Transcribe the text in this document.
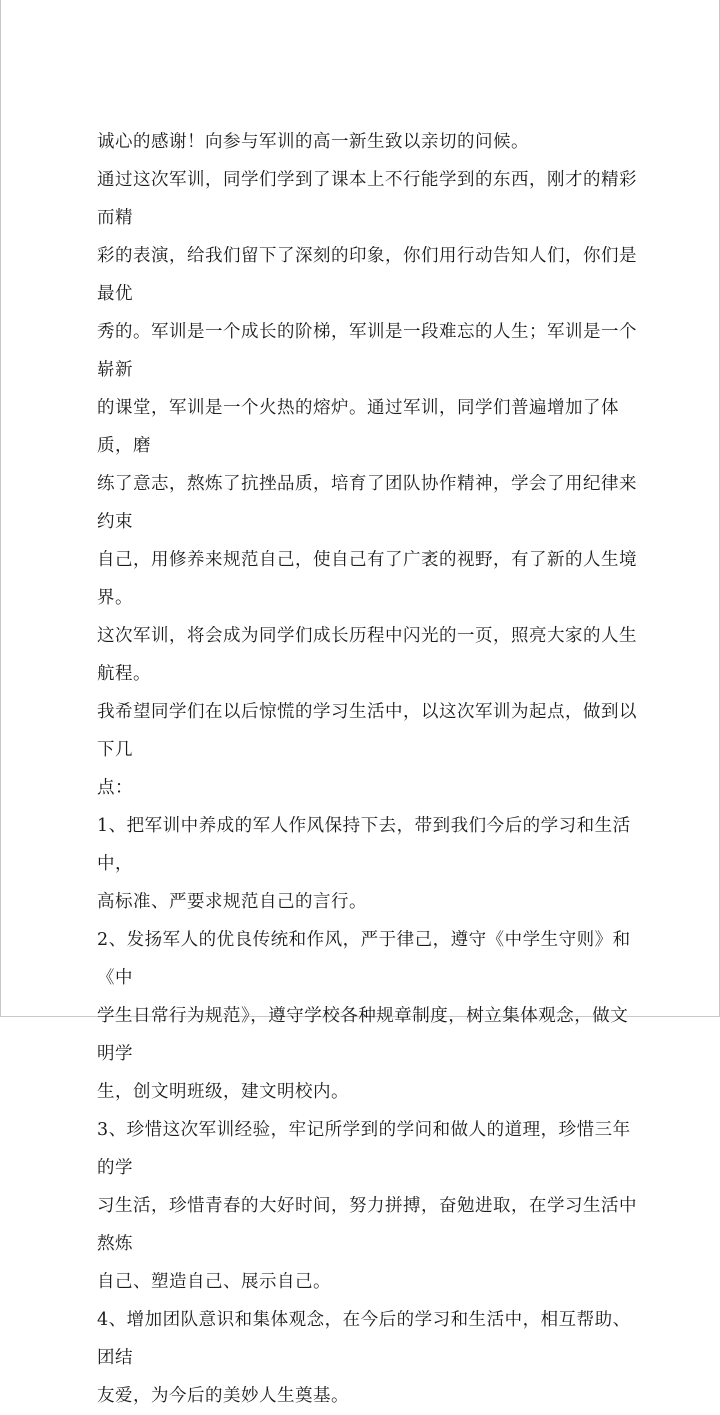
诚心的感谢！向参与军训的高一新生致以亲切的问候。

通过这次军训，同学们学到了课本上不行能学到的东西，刚才的精彩而精
彩的表演，给我们留下了深刻的印象，你们用行动告知人们，你们是最优
秀的。军训是一个成长的阶梯，军训是一段难忘的人生；军训是一个崭新
的课堂，军训是一个火热的熔炉。通过军训，同学们普遍增加了体质，磨
练了意志，熬炼了抗挫品质，培育了团队协作精神，学会了用纪律来约束
自己，用修养来规范自己，使自己有了广袤的视野，有了新的人生境界。
这次军训，将会成为同学们成长历程中闪光的一页，照亮大家的人生航程。
我希望同学们在以后惊慌的学习生活中，以这次军训为起点，做到以下几
点：

1、把军训中养成的军人作风保持下去，带到我们今后的学习和生活中，
高标准、严要求规范自己的言行。

2、发扬军人的优良传统和作风，严于律己，遵守《中学生守则》和《中
学生日常行为规范》，遵守学校各种规章制度，树立集体观念，做文明学
生，创文明班级，建文明校内。

3、珍惜这次军训经验，牢记所学到的学问和做人的道理，珍惜三年的学
习生活，珍惜青春的大好时间，努力拼搏，奋勉进取，在学习生活中熬炼
自己、塑造自己、展示自己。

4、增加团队意识和集体观念，在今后的学习和生活中，相互帮助、团结
友爱，为今后的美妙人生奠基。
